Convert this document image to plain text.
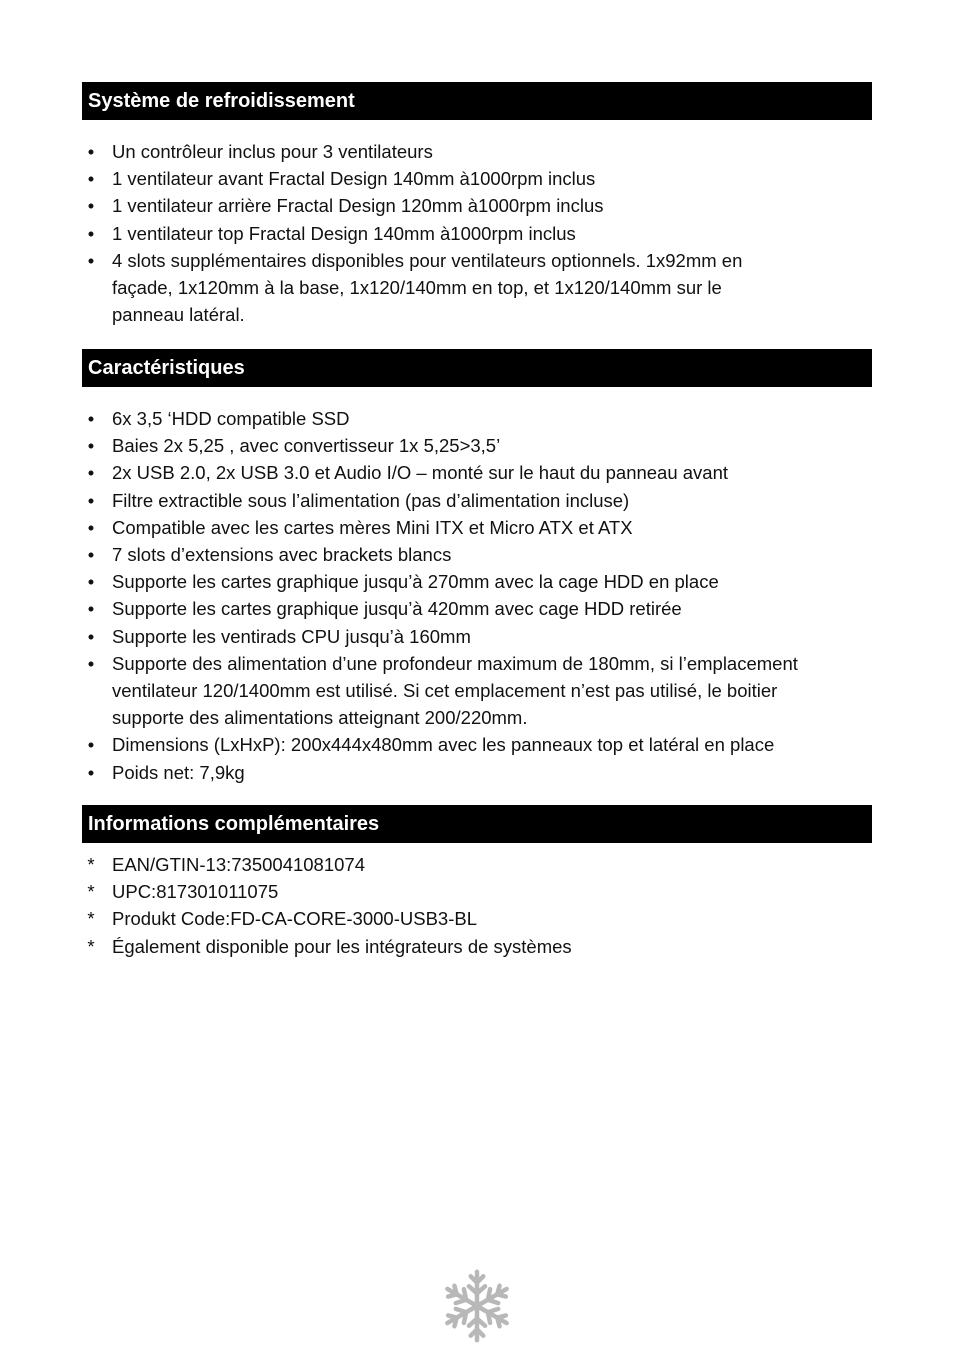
Système de refroidissement
• Un contrôleur inclus pour 3 ventilateurs
• 1 ventilateur avant Fractal Design 140mm à1000rpm inclus
• 1 ventilateur arrière Fractal Design 120mm à1000rpm inclus
• 1 ventilateur top Fractal Design 140mm à1000rpm inclus
• 4 slots supplémentaires disponibles pour ventilateurs optionnels. 1x92mm en
façade, 1x120mm à la base, 1x120/140mm en top, et 1x120/140mm sur le
panneau latéral.
Caractéristiques
• 6x 3,5 ‘HDD compatible SSD
• Baies 2x 5,25 , avec convertisseur 1x 5,25>3,5’
• 2x USB 2.0, 2x USB 3.0 et Audio I/O – monté sur le haut du panneau avant
• Filtre extractible sous l’alimentation (pas d’alimentation incluse)
• Compatible avec les cartes mères Mini ITX et Micro ATX et ATX
• 7 slots d’extensions avec brackets blancs
• Supporte les cartes graphique jusqu’à 270mm avec la cage HDD en place
• Supporte les cartes graphique jusqu’à 420mm avec cage HDD retirée
• Supporte les ventirads CPU jusqu’à 160mm
• Supporte des alimentation d’une profondeur maximum de 180mm, si l’emplacement
ventilateur 120/1400mm est utilisé. Si cet emplacement n’est pas utilisé, le boitier
supporte des alimentations atteignant 200/220mm.
• Dimensions (LxHxP): 200x444x480mm avec les panneaux top et latéral en place
• Poids net: 7,9kg
Informations complémentaires
* EAN/GTIN-13:7350041081074
* UPC:817301011075
* Produkt Code:FD-CA-CORE-3000-USB3-BL
* Également disponible pour les intégrateurs de systèmes
